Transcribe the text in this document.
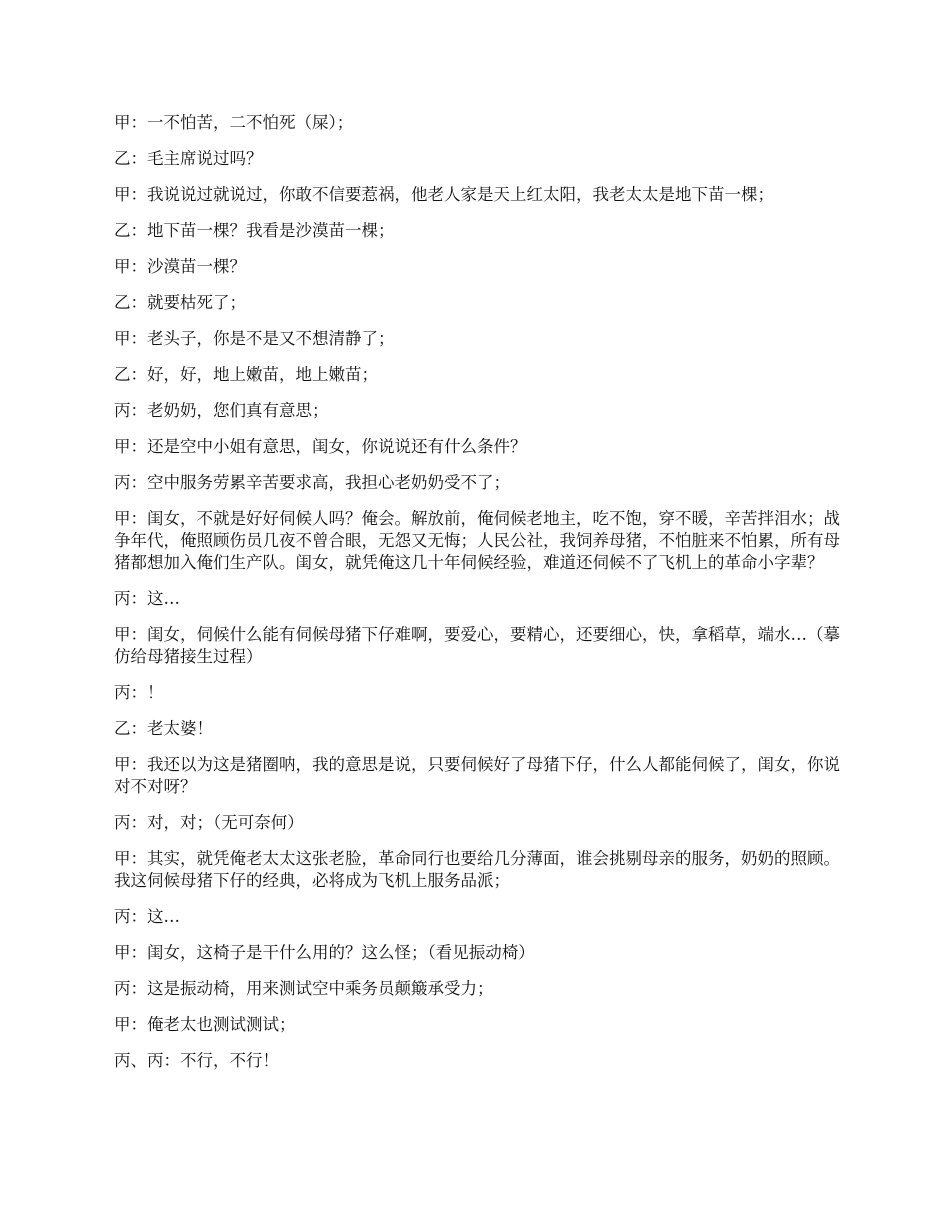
甲：一不怕苦，二不怕死（屎）；

乙：毛主席说过吗？

甲：我说说过就说过，你敢不信要惹祸，他老人家是天上红太阳，我老太太是地下苗一棵；

乙：地下苗一棵？我看是沙漠苗一棵；

甲：沙漠苗一棵？

乙：就要枯死了；

甲：老头子，你是不是又不想清静了；

乙：好，好，地上嫩苗，地上嫩苗；

丙：老奶奶，您们真有意思；

甲：还是空中小姐有意思，闺女，你说说还有什么条件？

丙：空中服务劳累辛苦要求高，我担心老奶奶受不了；

甲：闺女，不就是好好伺候人吗？俺会。解放前，俺伺候老地主，吃不饱，穿不暖，辛苦拌泪水；战争年代，俺照顾伤员几夜不曾合眼，无怨又无悔；人民公社，我饲养母猪，不怕脏来不怕累，所有母猪都想加入俺们生产队。闺女，就凭俺这几十年伺候经验，难道还伺候不了飞机上的革命小字辈？

丙：这…

甲：闺女，伺候什么能有伺候母猪下仔难啊，要爱心，要精心，还要细心，快，拿稻草，端水…（摹仿给母猪接生过程）

丙：！

乙：老太婆！

甲：我还以为这是猪圈呐，我的意思是说，只要伺候好了母猪下仔，什么人都能伺候了，闺女，你说对不对呀？

丙：对，对；（无可奈何）

甲：其实，就凭俺老太太这张老脸，革命同行也要给几分薄面，谁会挑剔母亲的服务，奶奶的照顾。我这伺候母猪下仔的经典，必将成为飞机上服务品派；

丙：这…

甲：闺女，这椅子是干什么用的？这么怪；（看见振动椅）

丙：这是振动椅，用来测试空中乘务员颠簸承受力；

甲：俺老太也测试测试；

丙、丙：不行，不行！
